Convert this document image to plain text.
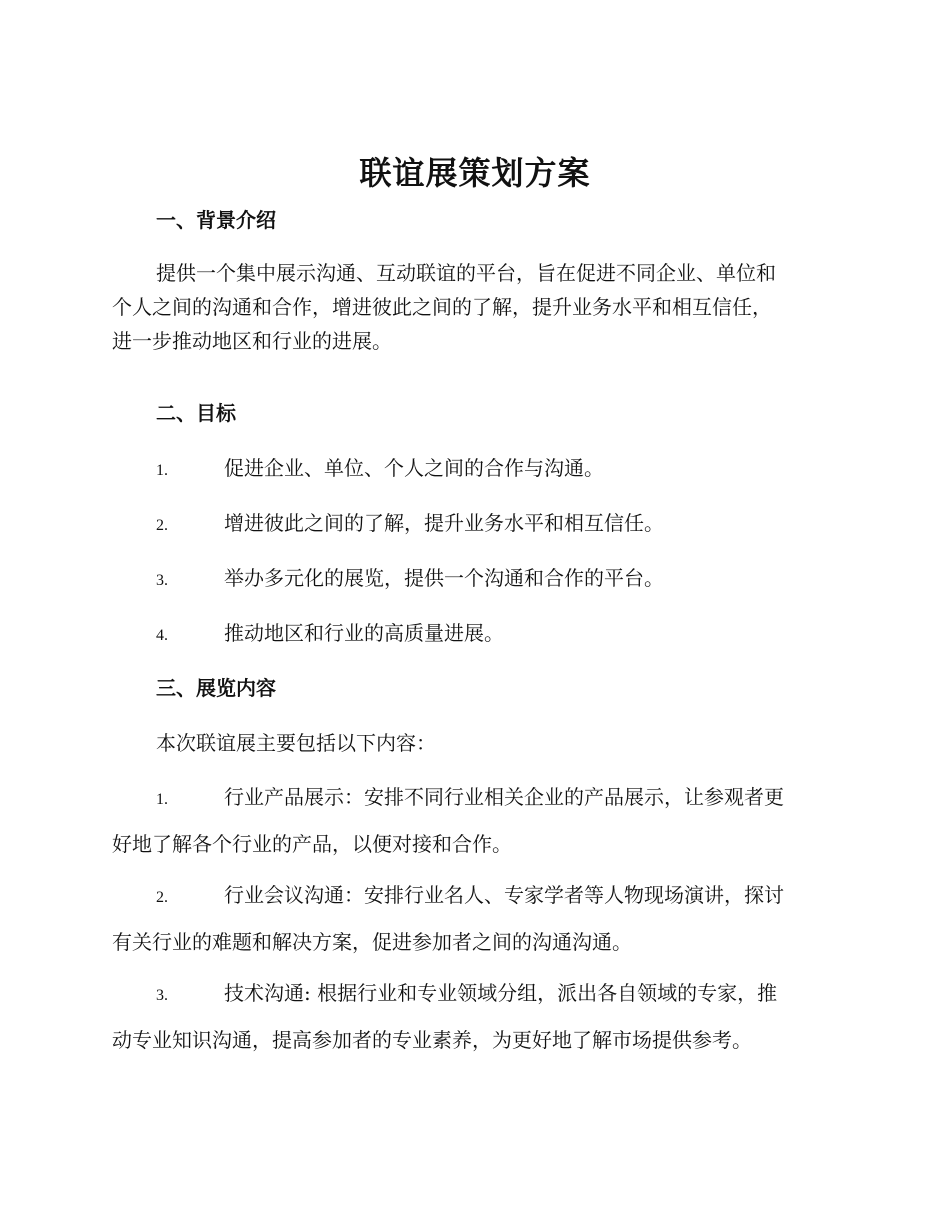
联谊展策划方案
一、背景介绍
提供一个集中展示沟通、互动联谊的平台，旨在促进不同企业、单位和
个人之间的沟通和合作，增进彼此之间的了解，提升业务水平和相互信任，
进一步推动地区和行业的进展。
二、目标
1.	促进企业、单位、个人之间的合作与沟通。
2.	增进彼此之间的了解，提升业务水平和相互信任。
3.	举办多元化的展览，提供一个沟通和合作的平台。
4.	推动地区和行业的高质量进展。
三、展览内容
本次联谊展主要包括以下内容：
1.	行业产品展示：安排不同行业相关企业的产品展示，让参观者更
好地了解各个行业的产品，以便对接和合作。
2.	行业会议沟通：安排行业名人、专家学者等人物现场演讲，探讨
有关行业的难题和解决方案，促进参加者之间的沟通沟通。
3.	技术沟通: 根据行业和专业领域分组，派出各自领域的专家，推
动专业知识沟通，提高参加者的专业素养，为更好地了解市场提供参考。
